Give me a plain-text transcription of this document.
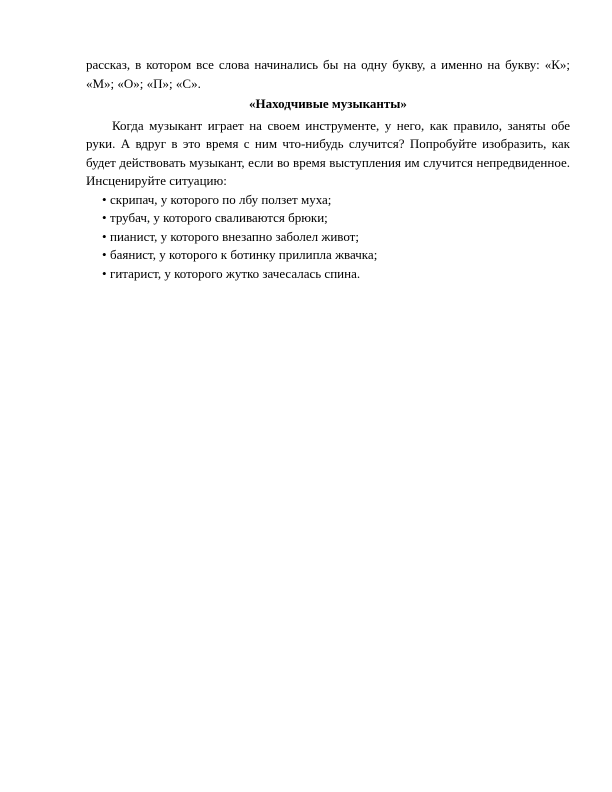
рассказ, в котором все слова начинались бы на одну букву, а именно на букву: «К»; «М»; «О»; «П»; «С».

«Находчивые музыканты»

Когда музыкант играет на своем инструменте, у него, как правило, заняты обе руки. А вдруг в это время с ним что-нибудь случится? Попробуйте изобразить, как будет действовать музыкант, если во время выступления им случится непредвиденное. Инсценируйте ситуацию:

• скрипач, у которого по лбу ползет муха;
• трубач, у которого сваливаются брюки;
• пианист, у которого внезапно заболел живот;
• баянист, у которого к ботинку прилипла жвачка;
• гитарист, у которого жутко зачесалась спина.
